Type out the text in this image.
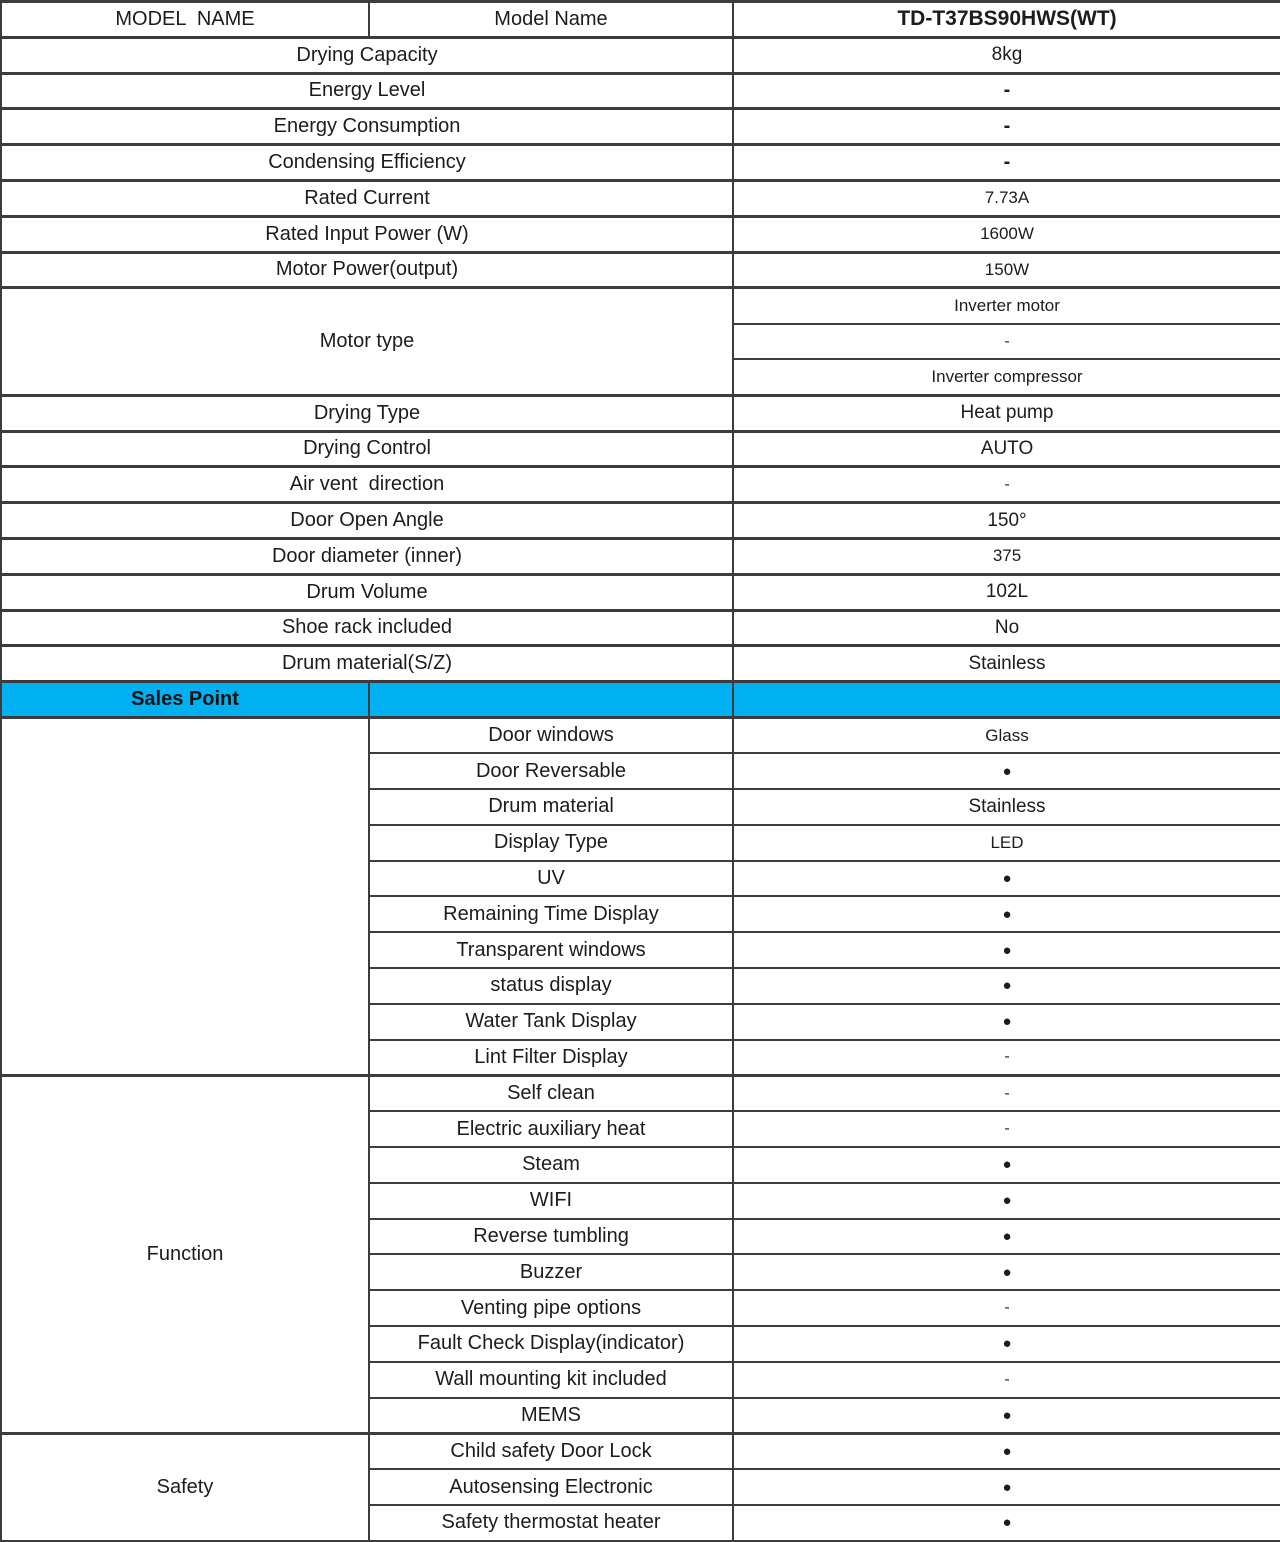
MODEL  NAME	Model Name	TD-T37BS90HWS(WT)
Drying Capacity		8kg
Energy Level		-
Energy Consumption		-
Condensing Efficiency		-
Rated Current		7.73A
Rated Input Power (W)		1600W
Motor Power(output)		150W
Motor type		Inverter motor
		-
		Inverter compressor
Drying Type		Heat pump
Drying Control		AUTO
Air vent  direction		-
Door Open Angle		150°
Door diameter (inner)		375
Drum Volume		102L
Shoe rack included		No
Drum material(S/Z)		Stainless
Sales Point		
	Door windows	Glass
	Door Reversable	●
	Drum material	Stainless
	Display Type	LED
	UV	●
	Remaining Time Display	●
	Transparent windows	●
	status display	●
	Water Tank Display	●
	Lint Filter Display	-
Function	Self clean	-
	Electric auxiliary heat	-
	Steam	●
	WIFI	●
	Reverse tumbling	●
	Buzzer	●
	Venting pipe options	-
	Fault Check Display(indicator)	●
	Wall mounting kit included	-
	MEMS	●
Safety	Child safety Door Lock	●
	Autosensing Electronic	●
	Safety thermostat heater	●
